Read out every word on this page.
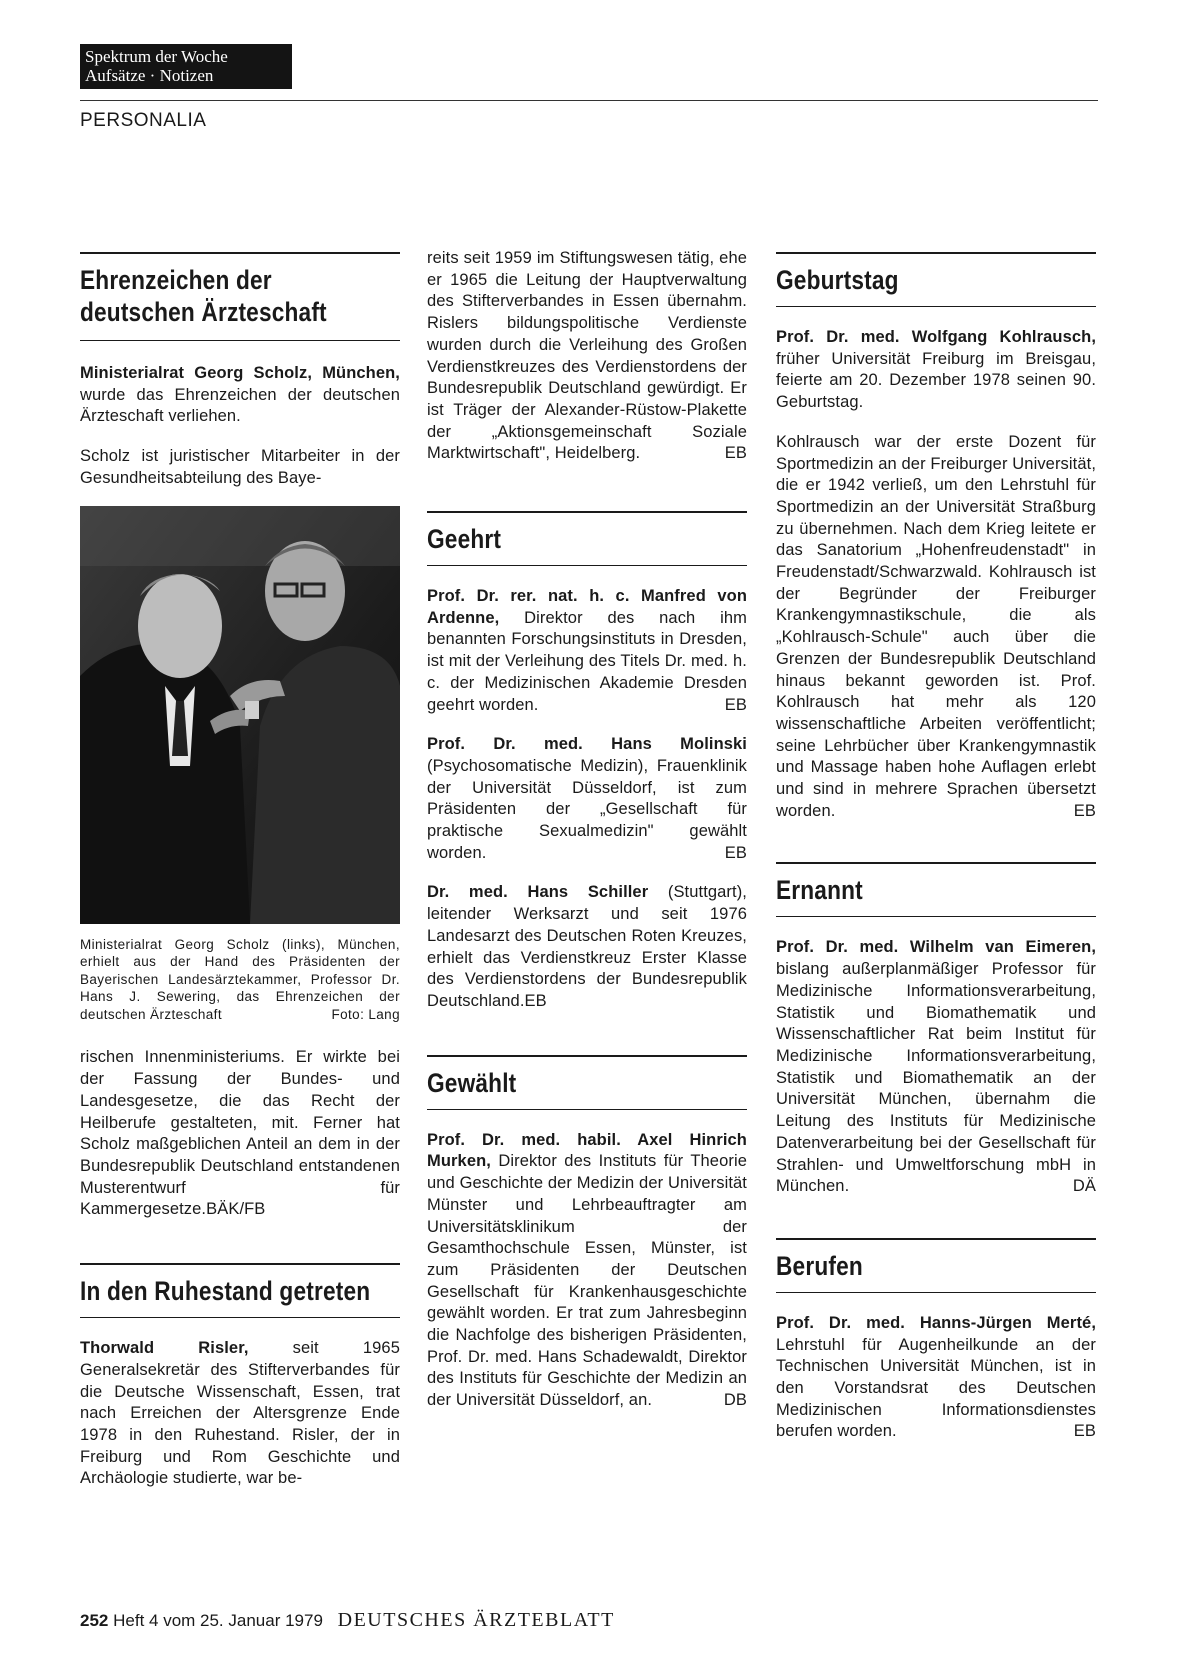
Spektrum der Woche
Aufsätze · Notizen
PERSONALIA
Ehrenzeichen der
deutschen Ärzteschaft

Ministerialrat Georg Scholz, München, wurde das Ehrenzeichen der deutschen Ärzteschaft verliehen.

Scholz ist juristischer Mitarbeiter in der Gesundheitsabteilung des Baye-

Ministerialrat Georg Scholz (links), München, erhielt aus der Hand des Präsidenten der Bayerischen Landesärztekammer, Professor Dr. Hans J. Sewering, das Ehrenzeichen der deutschen Ärzteschaft	Foto: Lang

rischen Innenministeriums. Er wirkte bei der Fassung der Bundes- und Landesgesetze, die das Recht der Heilberufe gestalteten, mit. Ferner hat Scholz maßgeblichen Anteil an dem in der Bundesrepublik Deutschland entstandenen Musterentwurf für Kammergesetze.BÄK/FB

In den Ruhestand getreten

Thorwald Risler, seit 1965 Generalsekretär des Stifterverbandes für die Deutsche Wissenschaft, Essen, trat nach Erreichen der Altersgrenze Ende 1978 in den Ruhestand. Risler, der in Freiburg und Rom Geschichte und Archäologie studierte, war be-

reits seit 1959 im Stiftungswesen tätig, ehe er 1965 die Leitung der Hauptverwaltung des Stifterverbandes in Essen übernahm. Rislers bildungspolitische Verdienste wurden durch die Verleihung des Großen Verdienstkreuzes des Verdienstordens der Bundesrepublik Deutschland gewürdigt. Er ist Träger der Alexander-Rüstow-Plakette der „Aktionsgemeinschaft Soziale Marktwirtschaft", Heidelberg.	EB

Geehrt

Prof. Dr. rer. nat. h. c. Manfred von Ardenne, Direktor des nach ihm benannten Forschungsinstituts in Dresden, ist mit der Verleihung des Titels Dr. med. h. c. der Medizinischen Akademie Dresden geehrt worden.	EB

Prof. Dr. med. Hans Molinski (Psychosomatische Medizin), Frauenklinik der Universität Düsseldorf, ist zum Präsidenten der „Gesellschaft für praktische Sexualmedizin" gewählt worden.	EB

Dr. med. Hans Schiller (Stuttgart), leitender Werksarzt und seit 1976 Landesarzt des Deutschen Roten Kreuzes, erhielt das Verdienstkreuz Erster Klasse des Verdienstordens der Bundesrepublik Deutschland.EB

Gewählt

Prof. Dr. med. habil. Axel Hinrich Murken, Direktor des Instituts für Theorie und Geschichte der Medizin der Universität Münster und Lehrbeauftragter am Universitätsklinikum der Gesamthochschule Essen, Münster, ist zum Präsidenten der Deutschen Gesellschaft für Krankenhausgeschichte gewählt worden. Er trat zum Jahresbeginn die Nachfolge des bisherigen Präsidenten, Prof. Dr. med. Hans Schadewaldt, Direktor des Instituts für Geschichte der Medizin an der Universität Düsseldorf, an.	DB

Geburtstag

Prof. Dr. med. Wolfgang Kohlrausch, früher Universität Freiburg im Breisgau, feierte am 20. Dezember 1978 seinen 90. Geburtstag.

Kohlrausch war der erste Dozent für Sportmedizin an der Freiburger Universität, die er 1942 verließ, um den Lehrstuhl für Sportmedizin an der Universität Straßburg zu übernehmen. Nach dem Krieg leitete er das Sanatorium „Hohenfreudenstadt" in Freudenstadt/Schwarzwald. Kohlrausch ist der Begründer der Freiburger Krankengymnastikschule, die als „Kohlrausch-Schule" auch über die Grenzen der Bundesrepublik Deutschland hinaus bekannt geworden ist. Prof. Kohlrausch hat mehr als 120 wissenschaftliche Arbeiten veröffentlicht; seine Lehrbücher über Krankengymnastik und Massage haben hohe Auflagen erlebt und sind in mehrere Sprachen übersetzt worden.	EB

Ernannt

Prof. Dr. med. Wilhelm van Eimeren, bislang außerplanmäßiger Professor für Medizinische Informationsverarbeitung, Statistik und Biomathematik und Wissenschaftlicher Rat beim Institut für Medizinische Informationsverarbeitung, Statistik und Biomathematik an der Universität München, übernahm die Leitung des Instituts für Medizinische Datenverarbeitung bei der Gesellschaft für Strahlen- und Umweltforschung mbH in München.	DÄ

Berufen

Prof. Dr. med. Hanns-Jürgen Merté, Lehrstuhl für Augenheilkunde an der Technischen Universität München, ist in den Vorstandsrat des Deutschen Medizinischen Informationsdienstes berufen worden.	EB

252 Heft 4 vom 25. Januar 1979 DEUTSCHES ÄRZTEBLATT
